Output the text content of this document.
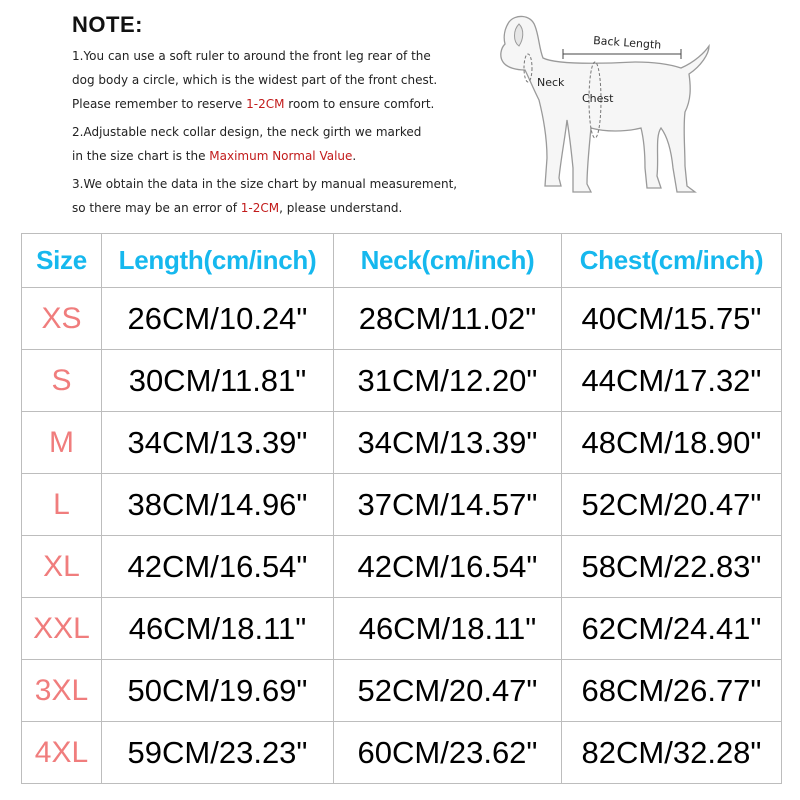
NOTE:
1.You can use a soft ruler to around the front leg rear of the
dog body a circle, which is the widest part of the front chest.
Please remember to reserve 1-2CM room to ensure comfort.
2.Adjustable neck collar design, the neck girth we marked
in the size chart is the Maximum Normal Value.
3.We obtain the data in the size chart by manual measurement,
so there may be an error of 1-2CM, please understand.
Back Length
Neck
Chest
Size	Length(cm/inch)	Neck(cm/inch)	Chest(cm/inch)
XS	26CM/10.24"	28CM/11.02"	40CM/15.75"
S	30CM/11.81"	31CM/12.20"	44CM/17.32"
M	34CM/13.39"	34CM/13.39"	48CM/18.90"
L	38CM/14.96"	37CM/14.57"	52CM/20.47"
XL	42CM/16.54"	42CM/16.54"	58CM/22.83"
XXL	46CM/18.11"	46CM/18.11"	62CM/24.41"
3XL	50CM/19.69"	52CM/20.47"	68CM/26.77"
4XL	59CM/23.23"	60CM/23.62"	82CM/32.28"
